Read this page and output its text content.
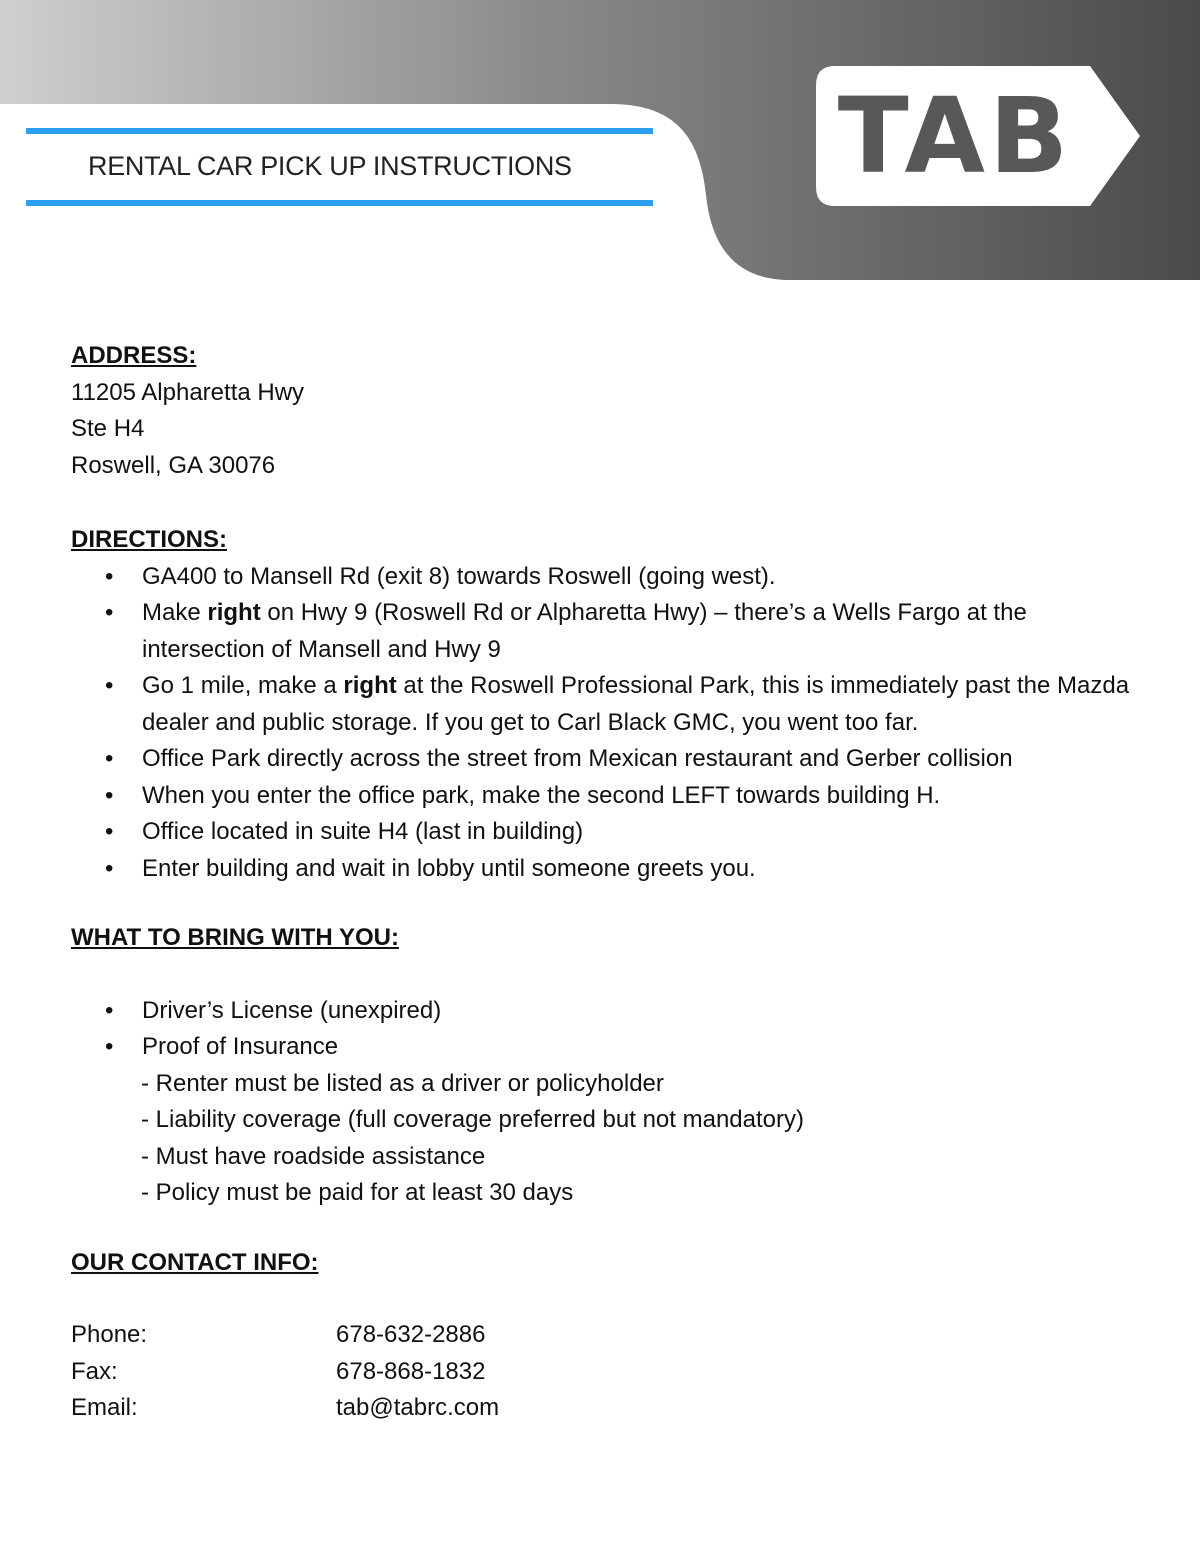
TAB
RENTAL CAR PICK UP INSTRUCTIONS

ADDRESS:

11205 Alpharetta Hwy

Ste H4

Roswell, GA 30076

DIRECTIONS:

• GA400 to Mansell Rd (exit 8) towards Roswell (going west).
• Make right on Hwy 9 (Roswell Rd or Alpharetta Hwy) – there’s a Wells Fargo at the intersection of Mansell and Hwy 9
• Go 1 mile, make a right at the Roswell Professional Park, this is immediately past the Mazda dealer and public storage. If you get to Carl Black GMC, you went too far.
• Office Park directly across the street from Mexican restaurant and Gerber collision
• When you enter the office park, make the second LEFT towards building H.
• Office located in suite H4 (last in building)
• Enter building and wait in lobby until someone greets you.

WHAT TO BRING WITH YOU:

• Driver’s License (unexpired)
• Proof of Insurance

- Renter must be listed as a driver or policyholder

- Liability coverage (full coverage preferred but not mandatory)

- Must have roadside assistance

- Policy must be paid for at least 30 days

OUR CONTACT INFO:

Phone:	678-632-2886
Fax:	678-868-1832
Email:	tab@tabrc.com
